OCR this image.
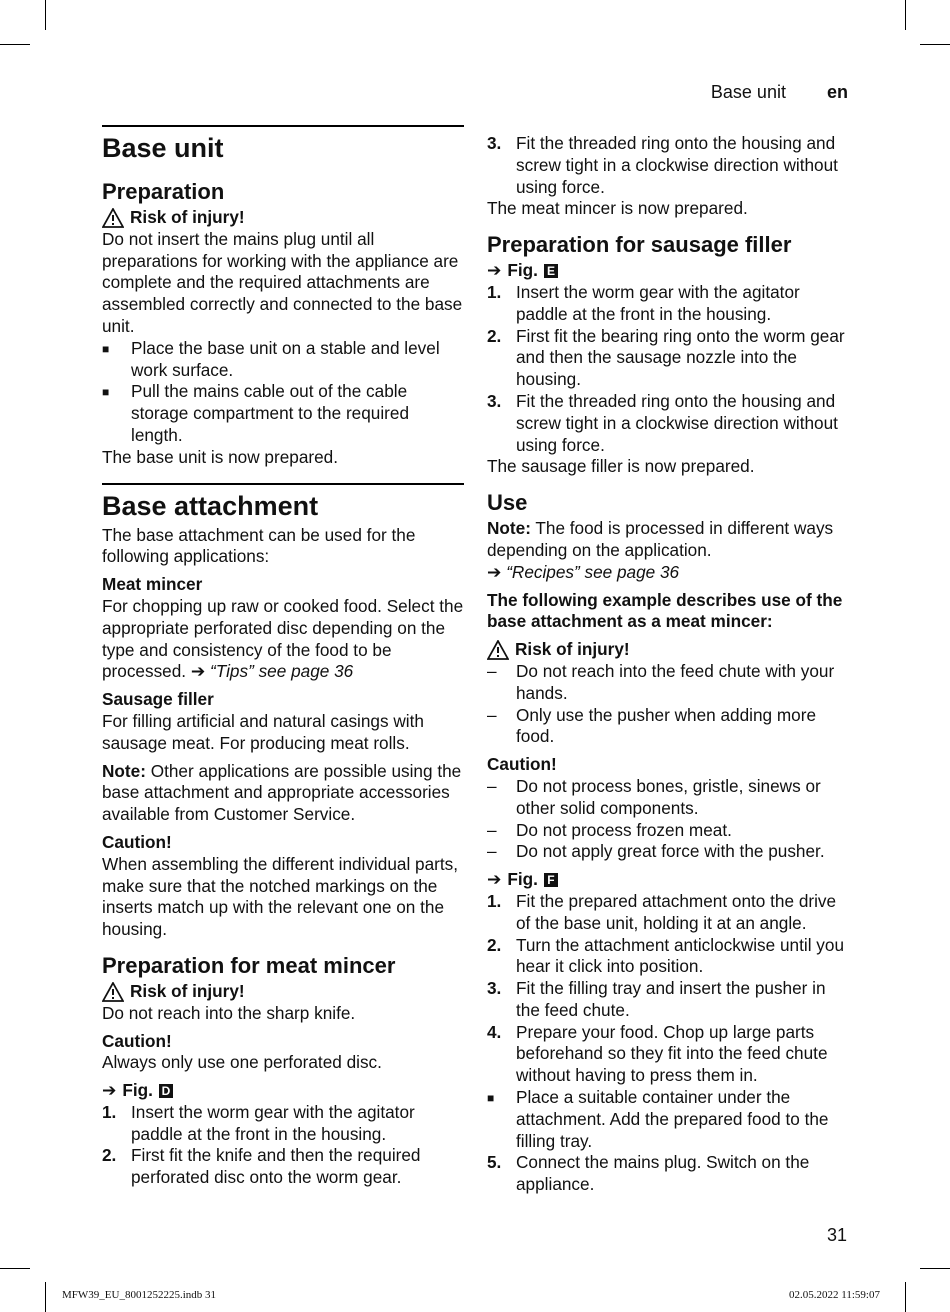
Base unit en
Base unit
Preparation
Risk of injury!

Do not insert the mains plug until all preparations for working with the appliance are complete and the required attachments are assembled correctly and connected to the base unit.

■	Place the base unit on a stable and level work surface.
■	Pull the mains cable out of the cable storage compartment to the required length.

The base unit is now prepared.

Base attachment

The base attachment can be used for the following applications:

Meat mincer

For chopping up raw or cooked food. Select the appropriate perforated disc depending on the type and consistency of the food to be processed. ➔ “Tips” see page 36

Sausage filler

For filling artificial and natural casings with sausage meat. For producing meat rolls.

Note: Other applications are possible using the base attachment and appropriate accessories available from Customer Service.

Caution!

When assembling the different individual parts, make sure that the notched markings on the inserts match up with the relevant one on the housing.

Preparation for meat mincer
Risk of injury!

Do not reach into the sharp knife.

Caution!

Always only use one perforated disc.

➔ Fig. D
1. Insert the worm gear with the agitator paddle at the front in the housing.
2. First fit the knife and then the required perforated disc onto the worm gear.
3. Fit the threaded ring onto the housing and screw tight in a clockwise direction without using force.

The meat mincer is now prepared.

Preparation for sausage filler
➔ Fig. E
1. Insert the worm gear with the agitator paddle at the front in the housing.
2. First fit the bearing ring onto the worm gear and then the sausage nozzle into the housing.
3. Fit the threaded ring onto the housing and screw tight in a clockwise direction without using force.

The sausage filler is now prepared.

Use

Note: The food is processed in different ways depending on the application.

➔ “Recipes” see page 36

The following example describes use of the base attachment as a meat mincer:

Risk of injury!
–	Do not reach into the feed chute with your hands.
–	Only use the pusher when adding more food.
Caution!
–	Do not process bones, gristle, sinews or other solid components.
–	Do not process frozen meat.
–	Do not apply great force with the pusher.
➔ Fig. F
1. Fit the prepared attachment onto the drive of the base unit, holding it at an angle.
2. Turn the attachment anticlockwise until you hear it click into position.
3. Fit the filling tray and insert the pusher in the feed chute.
4. Prepare your food. Chop up large parts beforehand so they fit into the feed chute without having to press them in.
■	Place a suitable container under the attachment. Add the prepared food to the filling tray.
5. Connect the mains plug. Switch on the appliance.
31
MFW39_EU_8001252225.indb 31	02.05.2022 11:59:07
